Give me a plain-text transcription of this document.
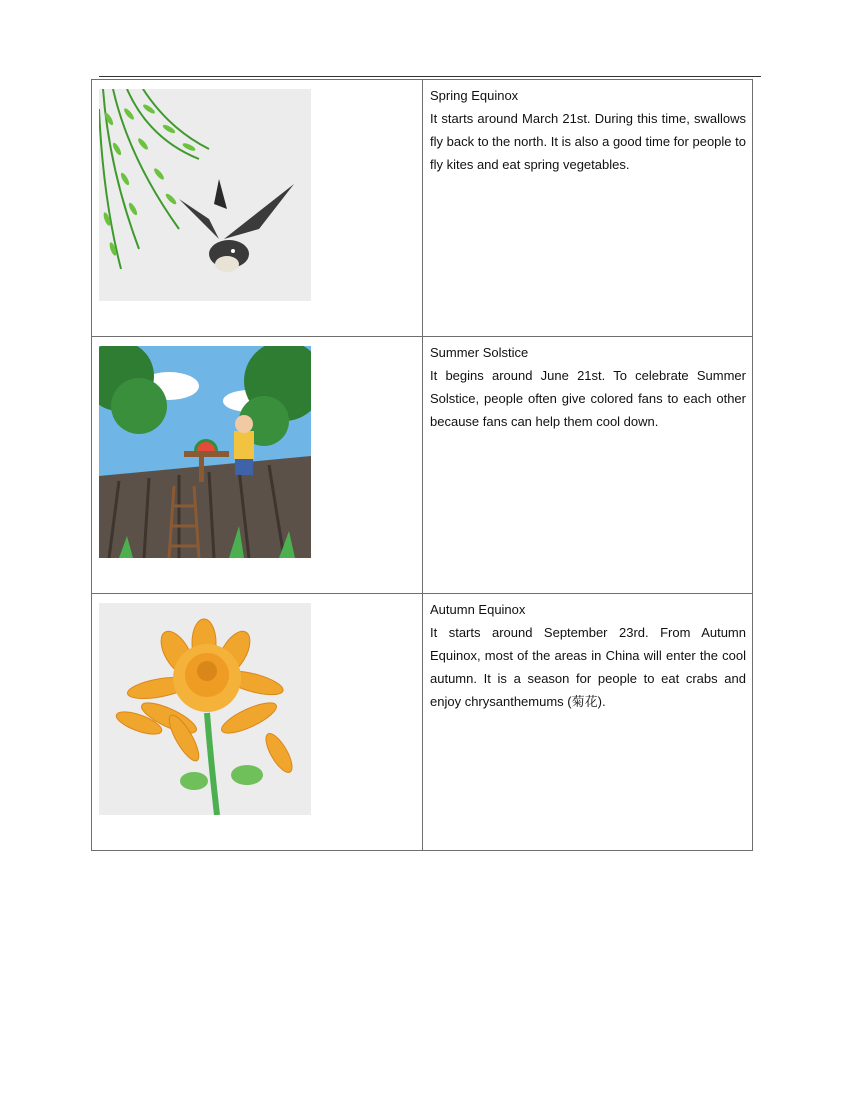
Spring Equinox

It starts around March 21st. During this time, swallows fly back to the north. It is also a good time for people to fly kites and eat spring vegetables.

Summer Solstice

It begins around June 21st. To celebrate Summer Solstice, people often give colored fans to each other because fans can help them cool down.

Autumn Equinox

It starts around September 23rd. From Autumn Equinox, most of the areas in China will enter the cool autumn. It is a season for people to eat crabs and enjoy chrysanthemums (菊花).
